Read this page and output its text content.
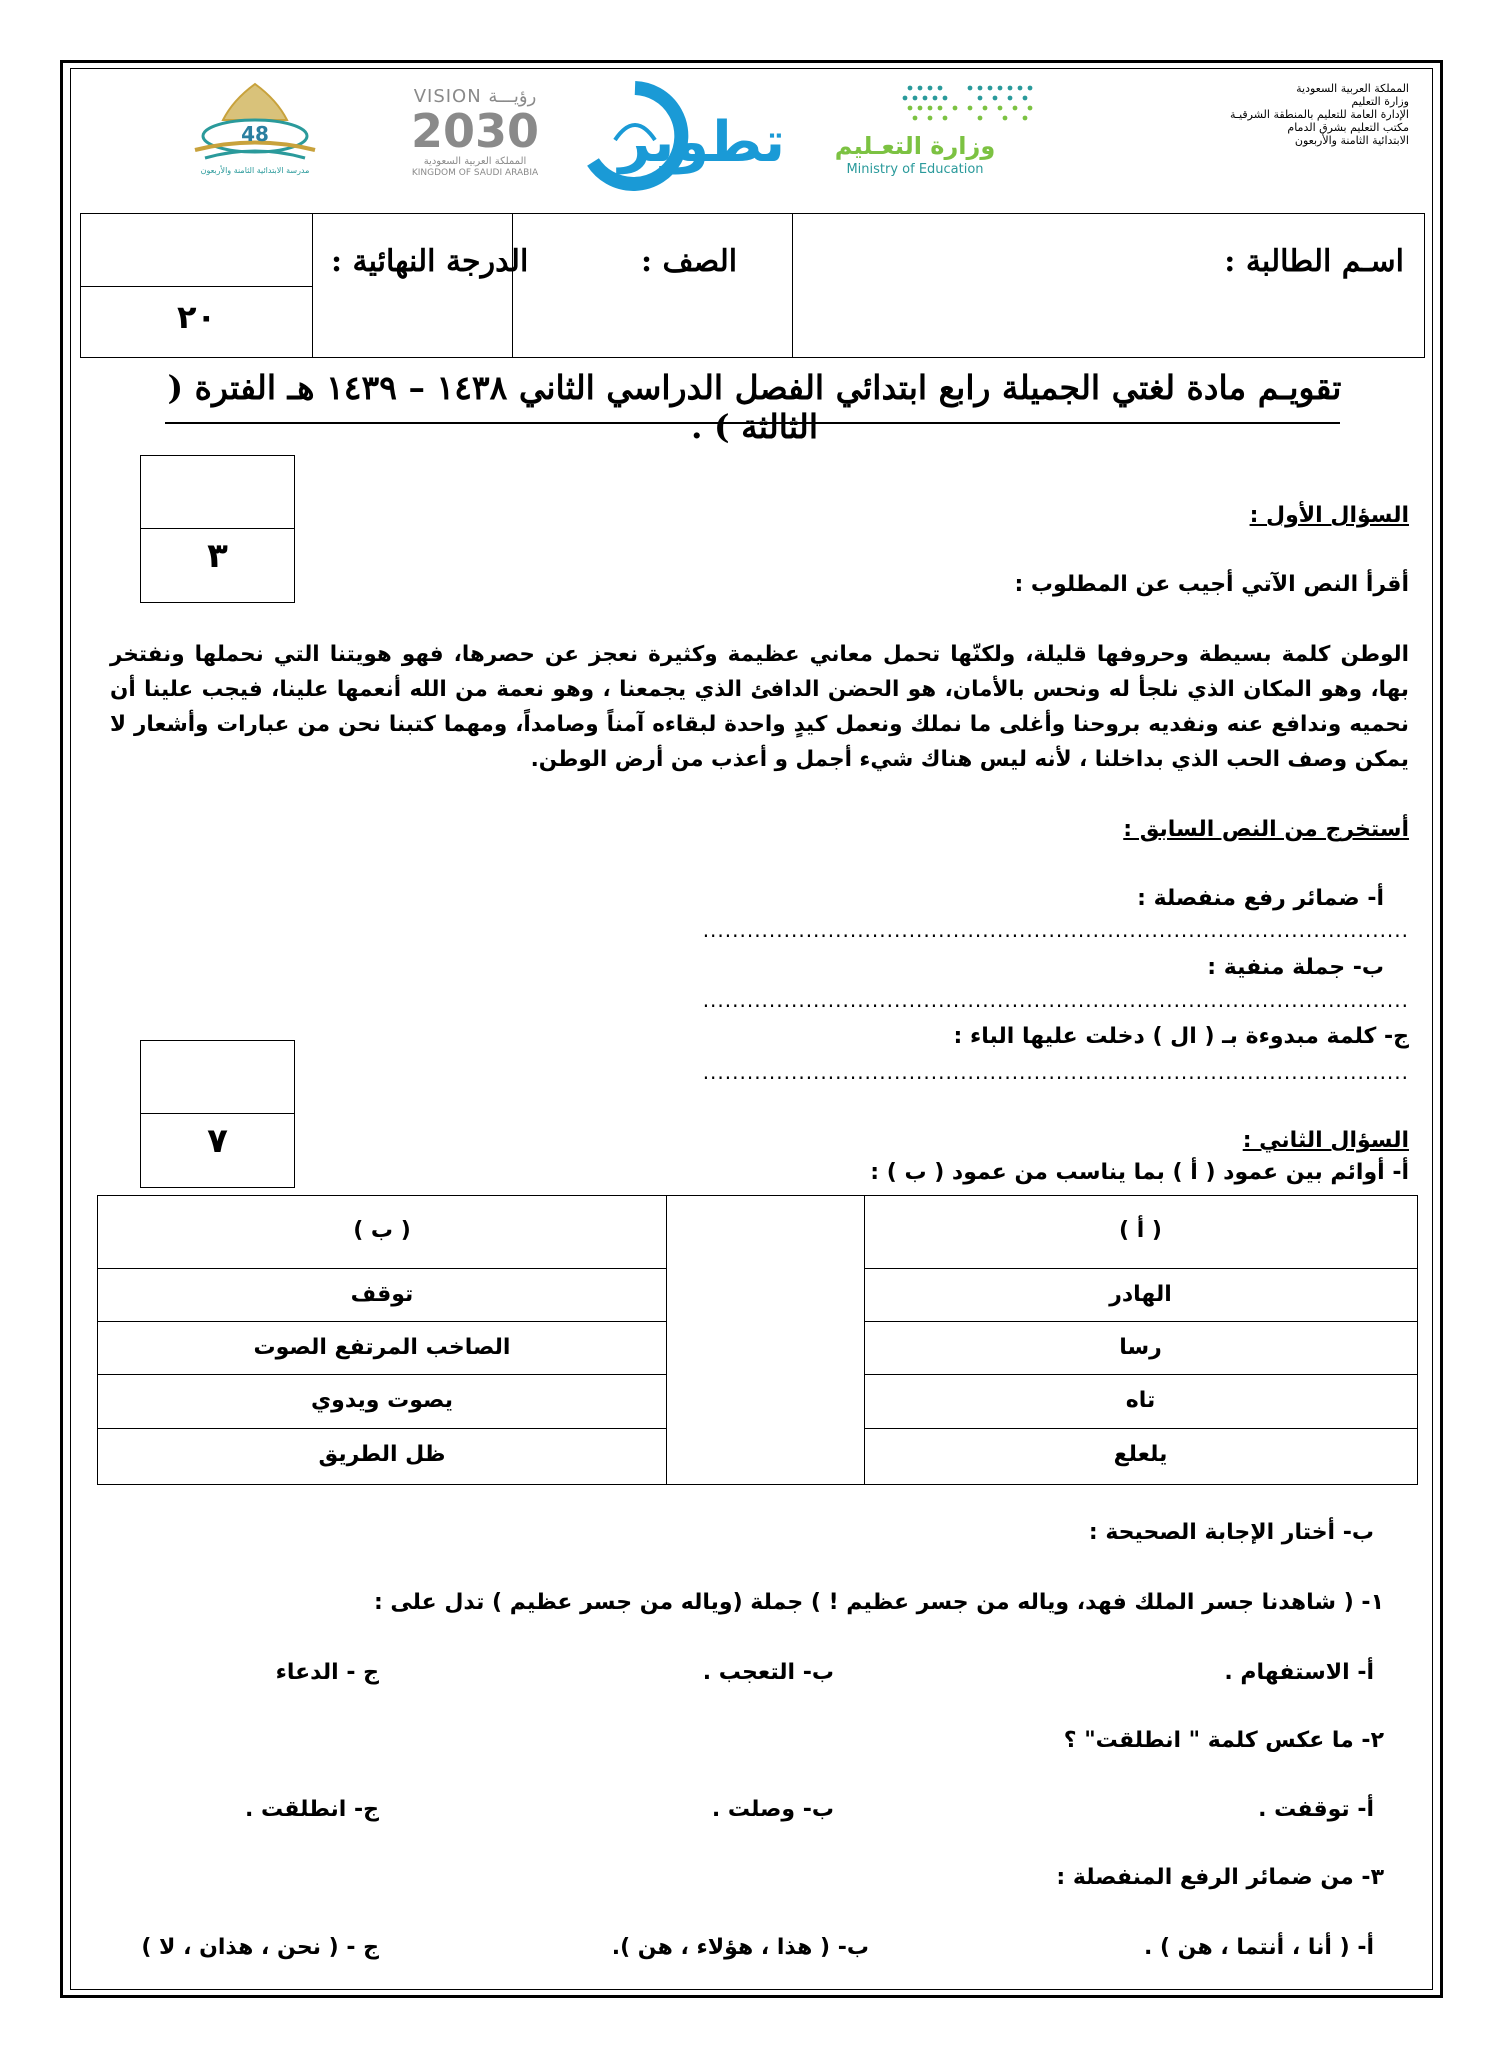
المملكة العربية السعودية
وزارة التعليم
الإدارة العامة للتعليم بالمنطقة الشرقيـة
مكتب التعليم بشرق الدمام
الابتدائية الثامنة والأربعون
وزارة التعـليم
Ministry of Education
تطوير
VISION رؤيـــة
2030
المملكة العربية السعودية
KINGDOM OF SAUDI ARABIA
48
مدرسة الابتدائية الثامنة والأربعون
اسـم الطالبة :
الصف :
الدرجة النهائية :
٢٠
تقويـم مادة لغتي الجميلة رابع ابتدائي الفصل الدراسي الثاني ١٤٣٨ – ١٤٣٩ هـ الفترة ( الثالثة ) .
٣
السؤال الأول :
أقرأ النص الآتي أجيب عن المطلوب :
الوطن كلمة بسيطة وحروفها قليلة، ولكنّها تحمل معاني عظيمة وكثيرة نعجز عن حصرها، فهو هويتنا التي نحملها ونفتخر بها، وهو المكان الذي نلجأ له ونحس بالأمان، هو الحضن الدافئ الذي يجمعنا ، وهو نعمة من الله أنعمها علينا، فيجب علينا أن نحميه وندافع عنه ونفديه بروحنا وأغلى ما نملك ونعمل كيدٍ واحدة لبقاءه آمناً وصامداً، ومهما كتبنا نحن من عبارات وأشعار لا يمكن وصف الحب الذي بداخلنا ، لأنه ليس هناك شيء أجمل و أعذب من أرض الوطن.
أستخرج من النص السابق :
أ- ضمائر رفع منفصلة :
................................................................................................
ب- جملة منفية :
................................................................................................
ج- كلمة مبدوءة بـ ( ال ) دخلت عليها الباء :
................................................................................................
٧	السؤال الثاني :
أ- أوائم بين عمود ( أ ) بما يناسب من عمود ( ب ) :
( أ )
( ب )
الهادر
رسا
تاه
يلعلع
توقف
الصاخب المرتفع الصوت
يصوت ويدوي
ظل الطريق
ب- أختار الإجابة الصحيحة :
١- ( شاهدنا جسر الملك فهد، وياله من جسر عظيم ! ) جملة (وياله من جسر عظيم ) تدل على :
أ- الاستفهام .
ب- التعجب .
ج - الدعاء
٢- ما عكس كلمة " انطلقت" ؟
أ- توقفت .
ب- وصلت .
ج- انطلقت .
٣- من ضمائر الرفع المنفصلة :
أ- ( أنا ، أنتما ، هن ) .
ب- ( هذا ، هؤلاء ، هن ).
ج - ( نحن ، هذان ، لا )
